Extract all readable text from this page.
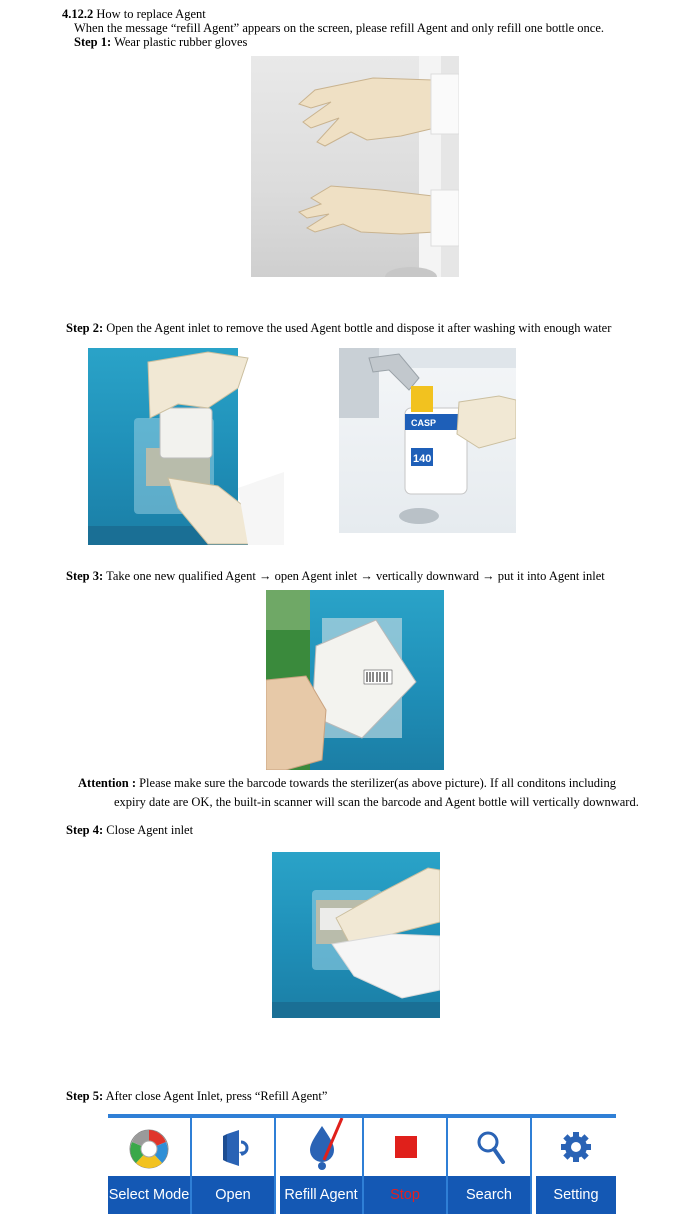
4.12.2 How to replace Agent
When the message “refill Agent” appears on the screen, please refill Agent and only refill one bottle once.
Step 1: Wear plastic rubber gloves
Step 2: Open the Agent inlet to remove the used Agent bottle and dispose it after washing with enough water
CASP
140
Step 3: Take one new qualified Agent → open Agent inlet → vertically downward → put it into Agent inlet
Attention : Please make sure the barcode towards the sterilizer(as above picture). If all conditons including
expiry date are OK, the built-in scanner will scan the barcode and Agent bottle will vertically downward.
Step 4: Close Agent inlet
Step 5: After close Agent Inlet, press “Refill Agent”
Select Mode	Open	Refill Agent	Stop	Search	Setting
